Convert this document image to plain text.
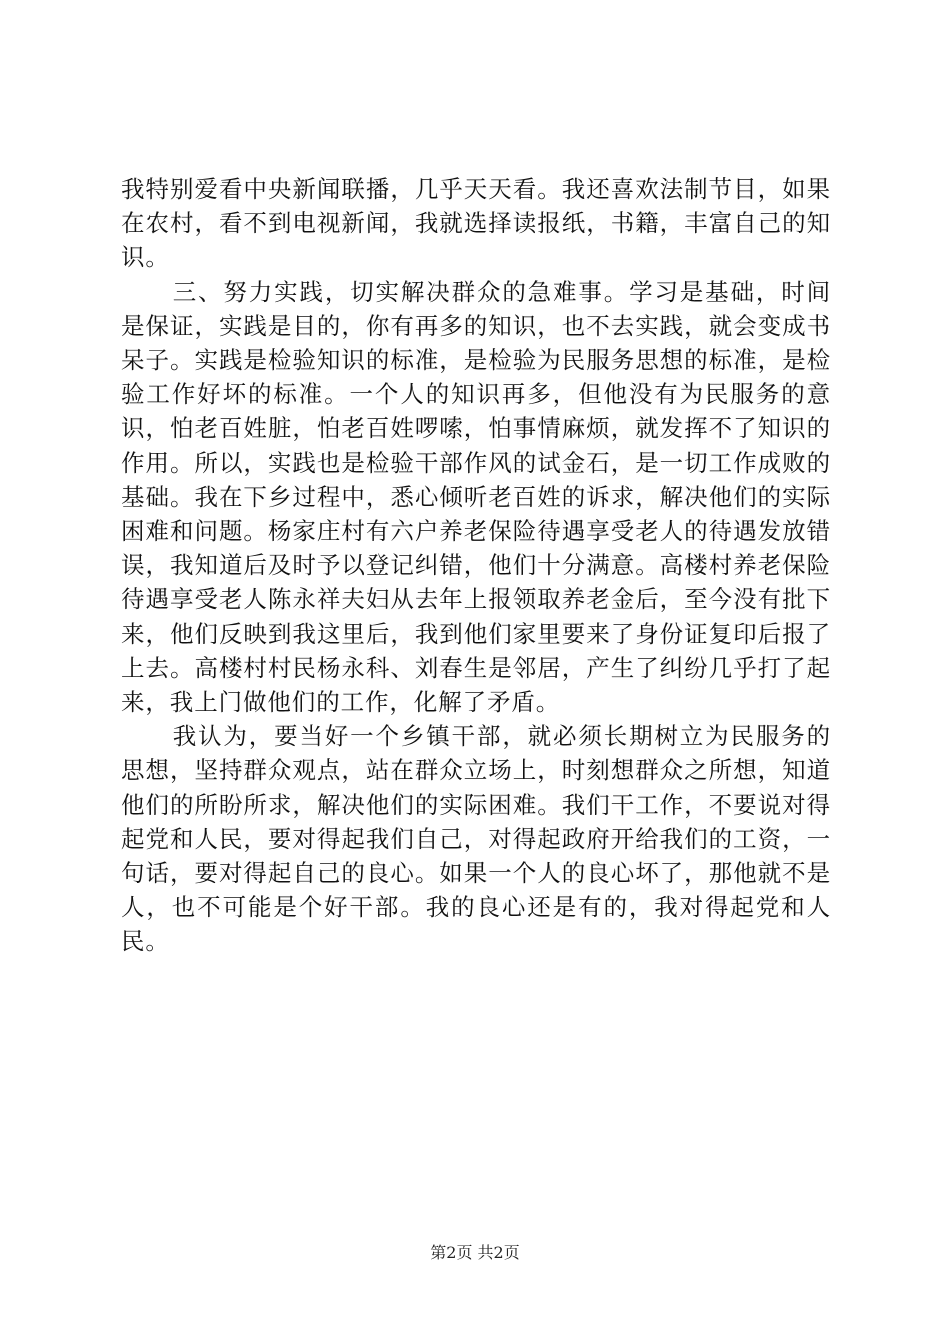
我特别爱看中央新闻联播，几乎天天看。我还喜欢法制节目，如果在农村，看不到电视新闻，我就选择读报纸，书籍，丰富自己的知识。

三、努力实践，切实解决群众的急难事。学习是基础，时间是保证，实践是目的，你有再多的知识，也不去实践，就会变成书呆子。实践是检验知识的标准，是检验为民服务思想的标准，是检验工作好坏的标准。一个人的知识再多，但他没有为民服务的意识，怕老百姓脏，怕老百姓啰嗦，怕事情麻烦，就发挥不了知识的作用。所以，实践也是检验干部作风的试金石，是一切工作成败的基础。我在下乡过程中，悉心倾听老百姓的诉求，解决他们的实际困难和问题。杨家庄村有六户养老保险待遇享受老人的待遇发放错误，我知道后及时予以登记纠错，他们十分满意。高楼村养老保险待遇享受老人陈永祥夫妇从去年上报领取养老金后，至今没有批下来，他们反映到我这里后，我到他们家里要来了身份证复印后报了上去。高楼村村民杨永科、刘春生是邻居，产生了纠纷几乎打了起来，我上门做他们的工作，化解了矛盾。

我认为，要当好一个乡镇干部，就必须长期树立为民服务的思想，坚持群众观点，站在群众立场上，时刻想群众之所想，知道他们的所盼所求，解决他们的实际困难。我们干工作，不要说对得起党和人民，要对得起我们自己，对得起政府开给我们的工资，一句话，要对得起自己的良心。如果一个人的良心坏了，那他就不是人，也不可能是个好干部。我的良心还是有的，我对得起党和人民。

第2页 共2页
